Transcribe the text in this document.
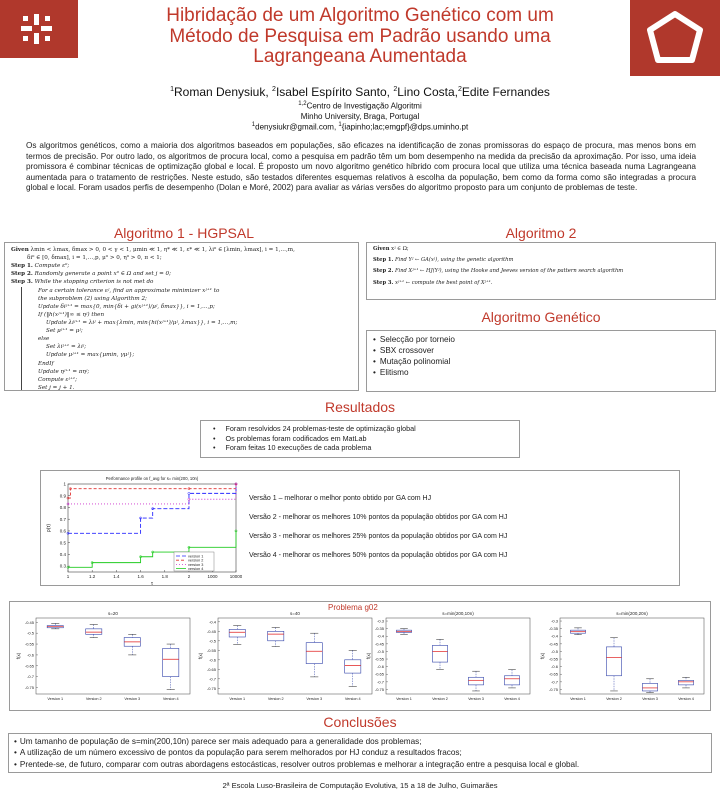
Hibridação de um Algoritmo Genético com um
Método de Pesquisa em Padrão usando uma
Lagrangeana Aumentada
$^1$Roman Denysiuk, $^2$Isabel Espírito Santo, $^2$Lino Costa,$^2$Edite Fernandes
$^{1,2}$Centro de Investigação Algoritmi
Minho University, Braga, Portugal
$^1$denysiukr@gmail.com, $^1${iapinho;lac;emgpf}@dps.uminho.pt
Os algoritmos genéticos, como a maioria dos algoritmos baseados em populações, são eficazes na identificação de zonas promissoras do espaço de procura, mas menos bons em termos de precisão. Por outro lado, os algoritmos de procura local, como a pesquisa em padrão têm um bom desempenho na medida da precisão da aproximação. Por isso, uma ideia promissora é combinar técnicas de optimização global e local. É proposto um novo algoritmo genético híbrido com procura local que utiliza uma técnica baseada numa Lagrangeana aumentada para o tratamento de restrições. Neste estudo, são testados diferentes esquemas relativos à escolha da população, bem como da forma como são integradas a procura global e local. Foram usados perfis de desempenho (Dolan e Moré, 2002) para avaliar as várias versões do algoritmo proposto para um conjunto de problemas de teste.
Algoritmo 1 - HGPSAL
Given λmin < λmax, δmax > 0, 0 < γ < 1, μmin ≪ 1, η* ≪ 1, ε* ≪ 1, λi⁰ ∈ [λmin, λmax], i = 1,…,m,
δi⁰ ∈ [0, δmax], i = 1,…,p, μ⁰ > 0, η⁰ > 0, π < 1;
Step 1. Compute ε⁰;
Step 2. Randomly generate a point x⁰ ∈ Ω and set j = 0;
Step 3. While the stopping criterion is not met do
For a certain tolerance εʲ, find an approximate minimizer xʲ⁺¹ to
the subproblem (2) using Algorithm 2;
Update δiʲ⁺¹ = max{0, min{δi + gi(xʲ⁺¹)/μʲ, δmax}}, i = 1,…,p;
If (‖h(xʲ⁺¹)‖∞ ≤ ηʲ) then
Update λiʲ⁺¹ = λiʲ + max{λmin, min{hi(xʲ⁺¹)/μʲ, λmax}}, i = 1,…,m;
Set μʲ⁺¹ = μʲ;
else
Set λiʲ⁺¹ = λiʲ;
Update μʲ⁺¹ = max{μmin, γμʲ};
EndIf
Update ηʲ⁺¹ = πηʲ;
Compute εʲ⁺¹;
Set j = j + 1.
Algoritmo 2
Given xʲ ∈ Ω;
Step 1. Find Yʲ ← GA(xʲ), using the genetic algorithm
Step 2. Find Xʲ⁺¹ ← HJ(Yʲ), using the Hooke and Jeeves version of the pattern search algorithm
Step 3. xʲ⁺¹ ← compute the best point of Xʲ⁺¹.
Algoritmo Genético
• Selecção por torneio
• SBX crossover
• Mutação polinomial
• Elitismo
Resultados
• Foram resolvidos 24 problemas-teste de optimização global
• Os problemas foram codificados em MatLab
• Foram feitas 10 execuções de cada problema
Performance profile on f_avg for s= min(200, 10n)
ρ(τ)
τ
0.3
0.4
0.5
0.6
0.7
0.8
0.9
1
1	1.2	1.4	1.6	1.8	2	1000	10000
version 1
version 2
version 3
version 4
Versão 1 – melhorar o melhor ponto obtido por GA com HJ
Versão 2 - melhorar os melhores 10% pontos da população obtidos por GA com HJ
Versão 3 - melhorar os melhores 25% pontos da população obtidos por GA com HJ
Versão 4 - melhorar os melhores 50% pontos da população obtidos por GA com HJ
Problema g02
s=20
f(x)
-0.45
-0.5
-0.55
-0.6
-0.65
-0.7
-0.75
Version 1	Version 2	Version 3	Version 4
s=40
f(x)
-0.4
-0.45
-0.5
-0.55
-0.6
-0.65
-0.7
-0.75
Version 1	Version 2	Version 3	Version 4
s=min(200,10n)
f(x)
-0.3
-0.35
-0.4
-0.45
-0.5
-0.55
-0.6
-0.65
-0.7
-0.75
Version 1	Version 2	Version 3	Version 4
s=min(200,20n)
f(x)
-0.3
-0.35
-0.4
-0.45
-0.5
-0.55
-0.6
-0.65
-0.7
-0.75
Version 1	Version 2	Version 3	Version 4
Conclusões
• Um tamanho de população de s=min(200,10n) parece ser mais adequado para a generalidade dos problemas;
• A utilização de um número excessivo de pontos da população para serem melhorados por HJ conduz a resultados fracos;
• Prentede-se, de futuro, comparar com outras abordagens estocásticas, resolver outros problemas e melhorar a integração entre a pesquisa local e global.
2ª Escola Luso-Brasileira de Computação Evolutiva, 15 a 18 de Julho, Guimarães
